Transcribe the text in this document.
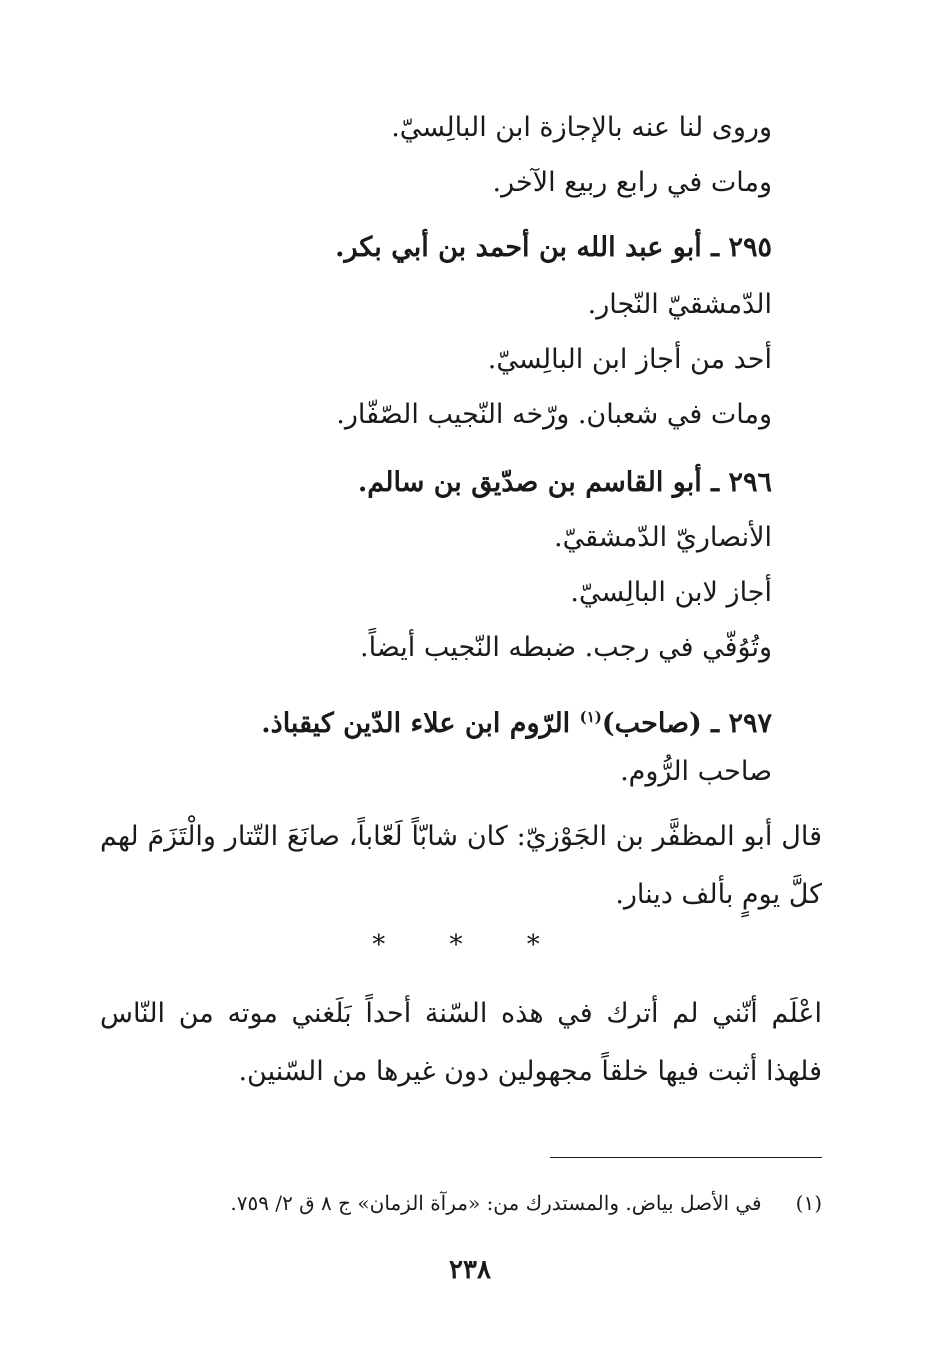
وروى لنا عنه بالإجازة ابن البالِسيّ.
ومات في رابع ربيع الآخر.
٢٩٥ ـ أبو عبد الله بن أحمد بن أبي بكر.
الدّمشقيّ النّجار.
أحد من أجاز ابن البالِسيّ.
ومات في شعبان. ورّخه النّجيب الصّفّار.
٢٩٦ ـ أبو القاسم بن صدّيق بن سالم.
الأنصاريّ الدّمشقيّ.
أجاز لابن البالِسيّ.
وتُوُفّي في رجب. ضبطه النّجيب أيضاً.
٢٩٧ ـ (صاحب)$^{(١)}$ الرّوم ابن علاء الدّين كيقباذ.
صاحب الرُّوم.
قال أبو المظفَّر بن الجَوْزيّ: كان شابّاً لَعّاباً، صانَعَ التّتار والْتَزَمَ لهم كلَّ يومٍ بألف دينار.
* * *
اعْلَم أنّني لم أترك في هذه السّنة أحداً بَلَغني موته من النّاس فلهذا أثبت فيها خلقاً مجهولين دون غيرها من السّنين.
(١)في الأصل بياض. والمستدرك من: «مرآة الزمان» ج ٨ ق ٢/ ٧٥٩.
٢٣٨
